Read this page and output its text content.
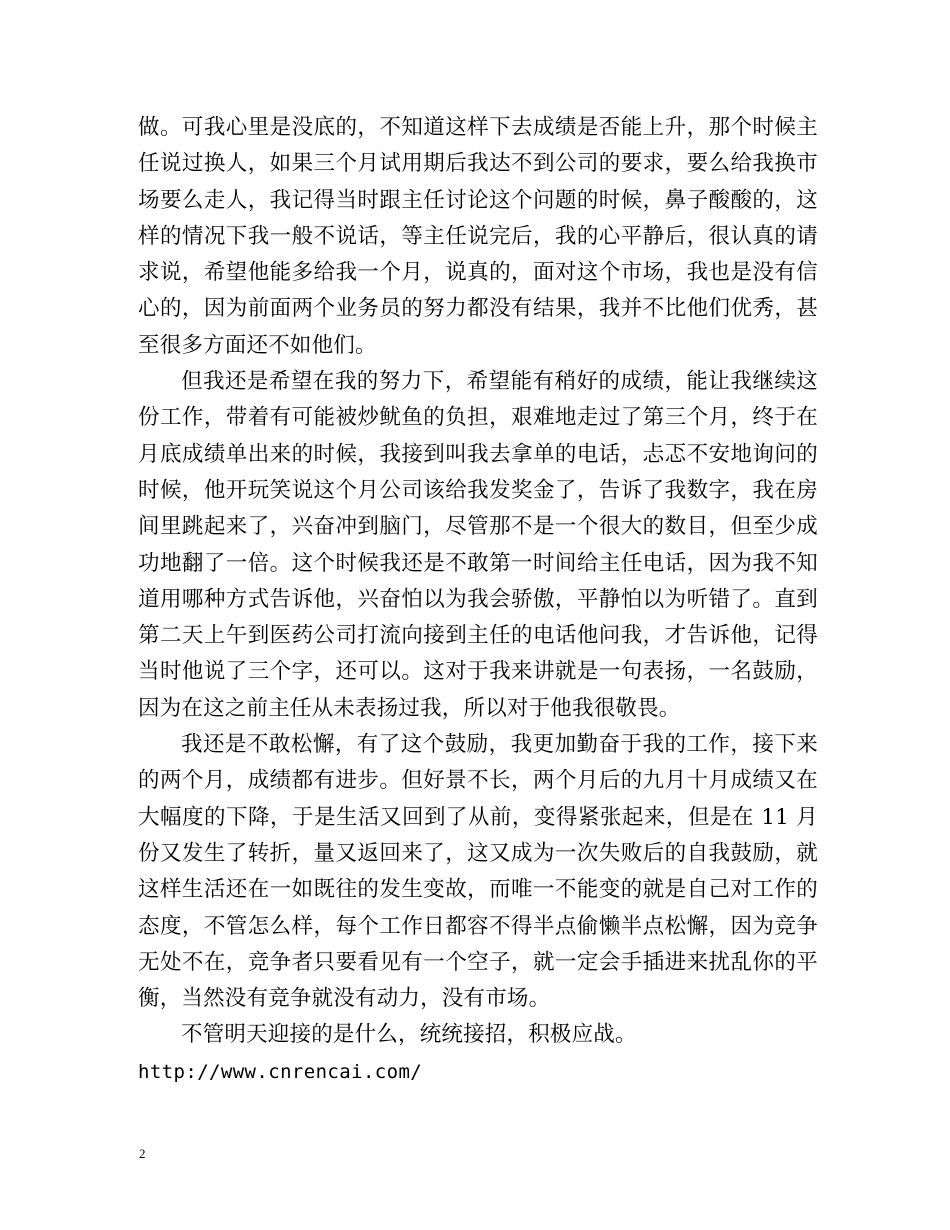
做。可我心里是没底的，不知道这样下去成绩是否能上升，那个时候主任说过换人，如果三个月试用期后我达不到公司的要求，要么给我换市场要么走人，我记得当时跟主任讨论这个问题的时候，鼻子酸酸的，这样的情况下我一般不说话，等主任说完后，我的心平静后，很认真的请求说，希望他能多给我一个月，说真的，面对这个市场，我也是没有信心的，因为前面两个业务员的努力都没有结果，我并不比他们优秀，甚至很多方面还不如他们。

但我还是希望在我的努力下，希望能有稍好的成绩，能让我继续这份工作，带着有可能被炒鱿鱼的负担，艰难地走过了第三个月，终于在月底成绩单出来的时候，我接到叫我去拿单的电话，忐忑不安地询问的时候，他开玩笑说这个月公司该给我发奖金了，告诉了我数字，我在房间里跳起来了，兴奋冲到脑门，尽管那不是一个很大的数目，但至少成功地翻了一倍。这个时候我还是不敢第一时间给主任电话，因为我不知道用哪种方式告诉他，兴奋怕以为我会骄傲，平静怕以为听错了。直到第二天上午到医药公司打流向接到主任的电话他问我，才告诉他，记得当时他说了三个字，还可以。这对于我来讲就是一句表扬，一名鼓励，因为在这之前主任从未表扬过我，所以对于他我很敬畏。

我还是不敢松懈，有了这个鼓励，我更加勤奋于我的工作，接下来的两个月，成绩都有进步。但好景不长，两个月后的九月十月成绩又在大幅度的下降，于是生活又回到了从前，变得紧张起来，但是在 11 月份又发生了转折，量又返回来了，这又成为一次失败后的自我鼓励，就这样生活还在一如既往的发生变故，而唯一不能变的就是自己对工作的态度，不管怎么样，每个工作日都容不得半点偷懒半点松懈，因为竞争无处不在，竞争者只要看见有一个空子，就一定会手插进来扰乱你的平衡，当然没有竞争就没有动力，没有市场。

不管明天迎接的是什么，统统接招，积极应战。

http://www.cnrencai.com/

2
